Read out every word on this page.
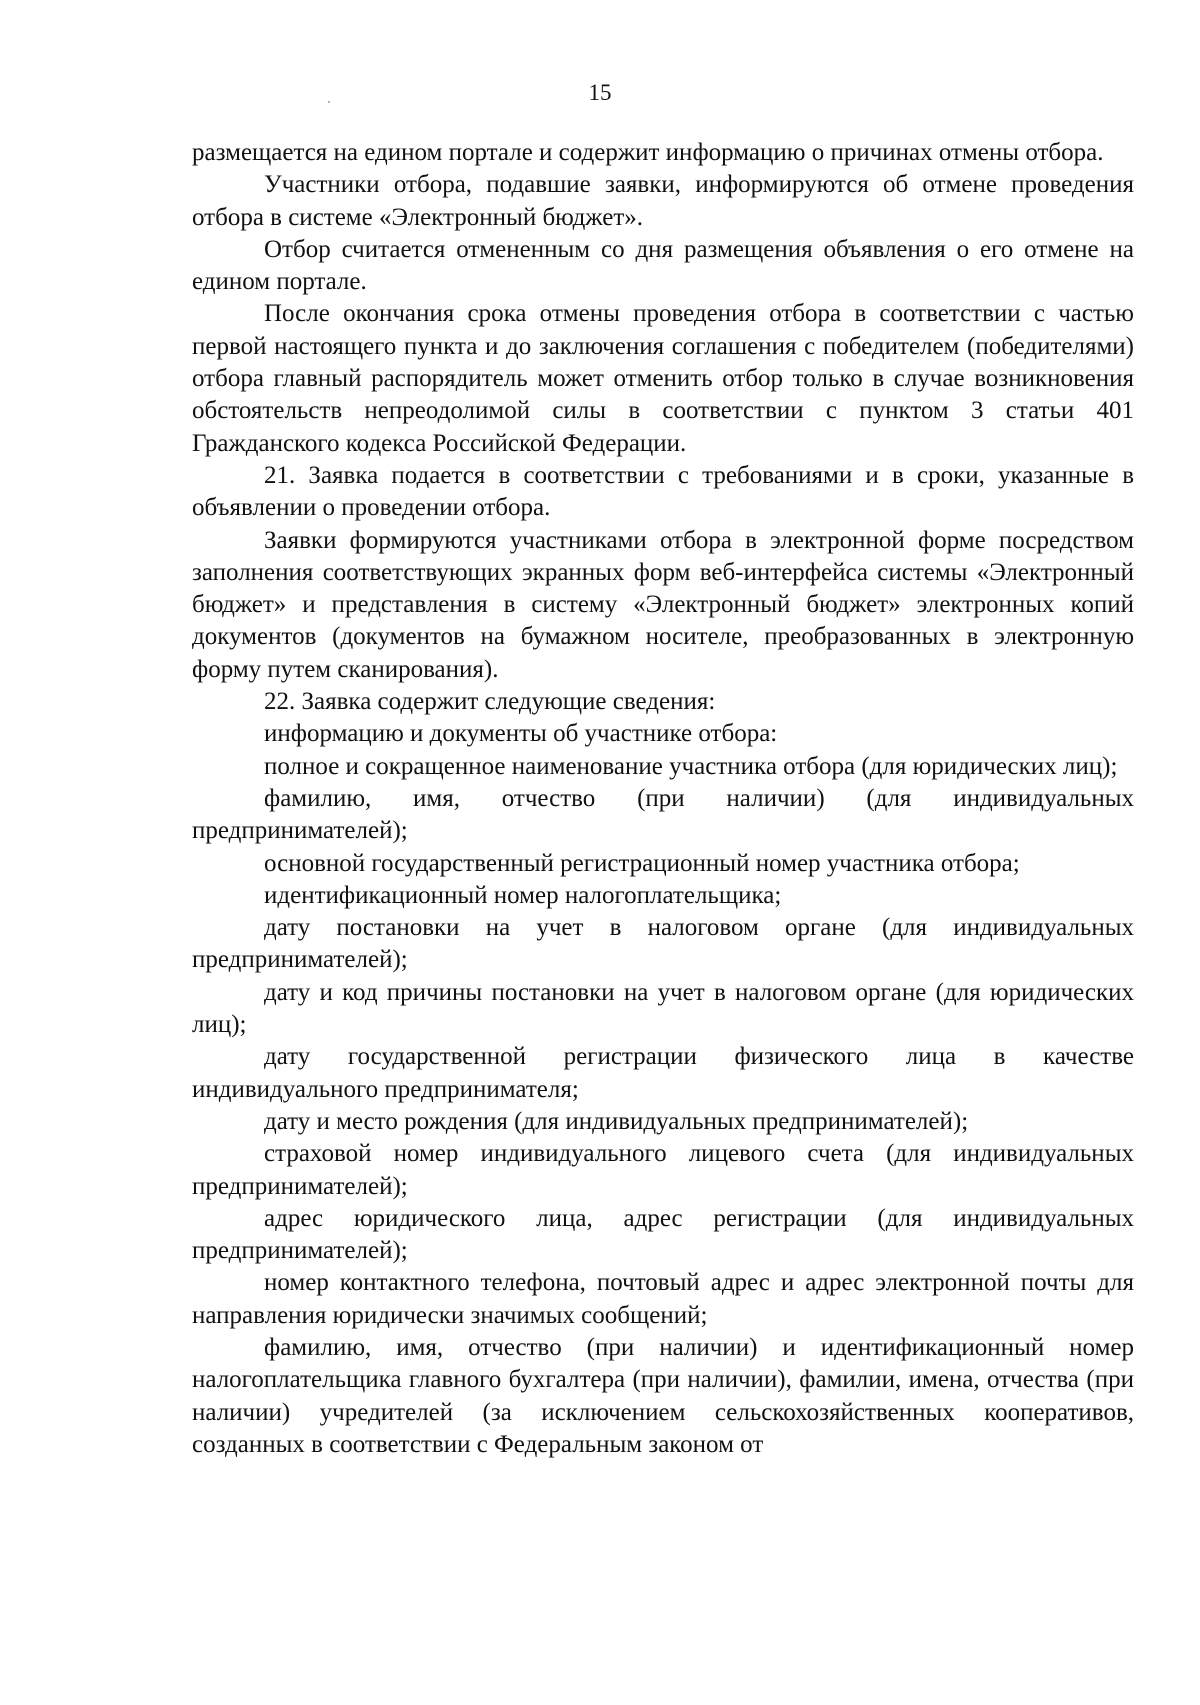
15

размещается на едином портале и содержит информацию о причинах отмены отбора.

Участники отбора, подавшие заявки, информируются об отмене проведения отбора в системе «Электронный бюджет».

Отбор считается отмененным со дня размещения объявления о его отмене на едином портале.

После окончания срока отмены проведения отбора в соответствии с частью первой настоящего пункта и до заключения соглашения с победителем (победителями) отбора главный распорядитель может отменить отбор только в случае возникновения обстоятельств непреодолимой силы в соответствии с пунктом 3 статьи 401 Гражданского кодекса Российской Федерации.

21. Заявка подается в соответствии с требованиями и в сроки, указанные в объявлении о проведении отбора.

Заявки формируются участниками отбора в электронной форме посредством заполнения соответствующих экранных форм веб-интерфейса системы «Электронный бюджет» и представления в систему «Электронный бюджет» электронных копий документов (документов на бумажном носителе, преобразованных в электронную форму путем сканирования).

22. Заявка содержит следующие сведения:

информацию и документы об участнике отбора:

полное и сокращенное наименование участника отбора (для юридических лиц);

фамилию, имя, отчество (при наличии) (для индивидуальных предпринимателей);

основной государственный регистрационный номер участника отбора;

идентификационный номер налогоплательщика;

дату постановки на учет в налоговом органе (для индивидуальных предпринимателей);

дату и код причины постановки на учет в налоговом органе (для юридических лиц);

дату государственной регистрации физического лица в качестве индивидуального предпринимателя;

дату и место рождения (для индивидуальных предпринимателей);

страховой номер индивидуального лицевого счета (для индивидуальных предпринимателей);

адрес юридического лица, адрес регистрации (для индивидуальных предпринимателей);

номер контактного телефона, почтовый адрес и адрес электронной почты для направления юридически значимых сообщений;

фамилию, имя, отчество (при наличии) и идентификационный номер налогоплательщика главного бухгалтера (при наличии), фамилии, имена, отчества (при наличии) учредителей (за исключением сельскохозяйственных кооперативов, созданных в соответствии с Федеральным законом от
